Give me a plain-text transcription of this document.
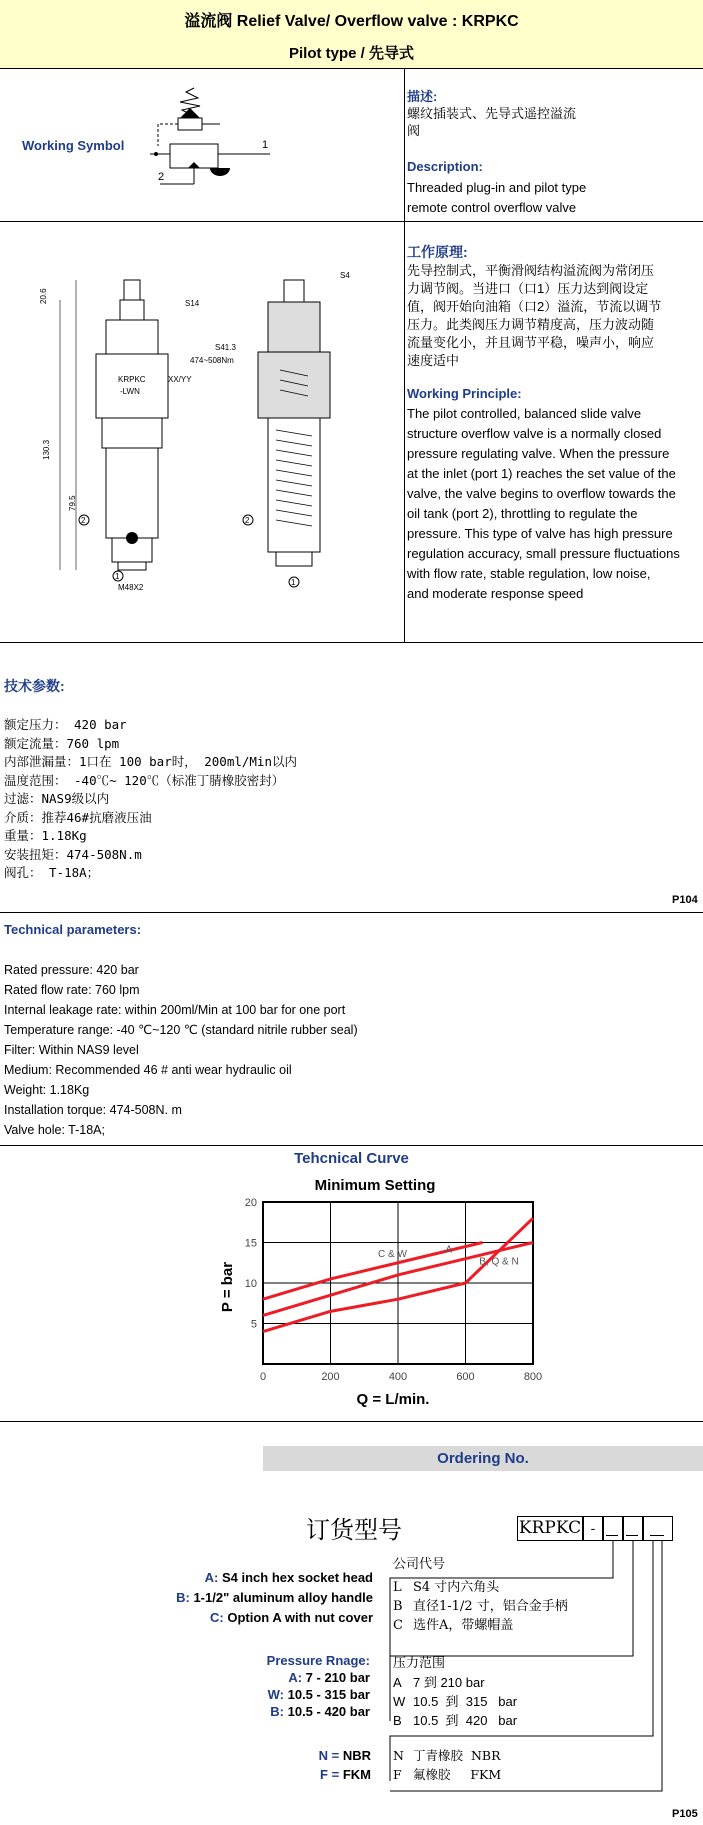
溢流阀 Relief Valve/ Overflow valve : KRPKC
Pilot type / 先导式
Working Symbol	1
2
描述:
螺纹插装式、先导式遥控溢流
阀
Description:
Threaded plug-in and pilot type
remote control overflow valve
20.6
130.3
79.5
S14
S41.3
474~508Nm
KRPKC
-LWN
XX/YY
M48X2
2
1
S4
2
1
工作原理:
先导控制式，平衡滑阀结构溢流阀为常闭压
力调节阀。当进口（口1）压力达到阀设定
值，阀开始向油箱（口2）溢流，节流以调节
压力。此类阀压力调节精度高，压力波动随
流量变化小，并且调节平稳，噪声小，响应
速度适中
Working Principle:
The pilot controlled, balanced slide valve
structure overflow valve is a normally closed
pressure regulating valve. When the pressure
at the inlet (port 1) reaches the set value of the
valve, the valve begins to overflow towards the
oil tank (port 2), throttling to regulate the
pressure. This type of valve has high pressure
regulation accuracy, small pressure fluctuations
with flow rate, stable regulation, low noise,
and moderate response speed
技术参数:
额定压力： 420 bar
额定流量：760 lpm
内部泄漏量：1口在 100 bar时， 200ml/Min以内
温度范围： -40℃~ 120℃（标准丁腈橡胶密封）
过滤：NAS9级以内
介质：推荐46#抗磨液压油
重量：1.18Kg
安装扭矩：474-508N.m
阀孔： T-18A；
P104
Technical parameters:
Rated pressure: 420 bar
Rated flow rate: 760 lpm
Internal leakage rate: within 200ml/Min at 100 bar for one port
Temperature range: -40 ℃~120 ℃ (standard nitrile rubber seal)
Filter: Within NAS9 level
Medium: Recommended 46 # anti wear hydraulic oil
Weight: 1.18Kg
Installation torque: 474-508N. m
Valve hole: T-18A;
Tehcnical Curve
Minimum Setting
0	200	400	600	800
5
10
15
20
C & W	A
B, Q & N
Q = L/min.
P = bar
Ordering No.
订货型号	KRPKC -
公司代号
A: S4 inch hex socket head
B: 1-1/2" aluminum alloy handle
C: Option A with nut cover
L S4 寸内六角头
B 直径1-1/2 寸，铝合金手柄
C 选件A，带螺帽盖
Pressure Rnage:
A: 7 - 210 bar
W: 10.5 - 315 bar
B: 10.5 - 420 bar
压力范围
A 7 到 210 bar
W 10.5  到  315   bar
B 10.5  到  420   bar
N = NBR
F = FKM
N 丁青橡胶  NBR
F 氟橡胶     FKM
P105
